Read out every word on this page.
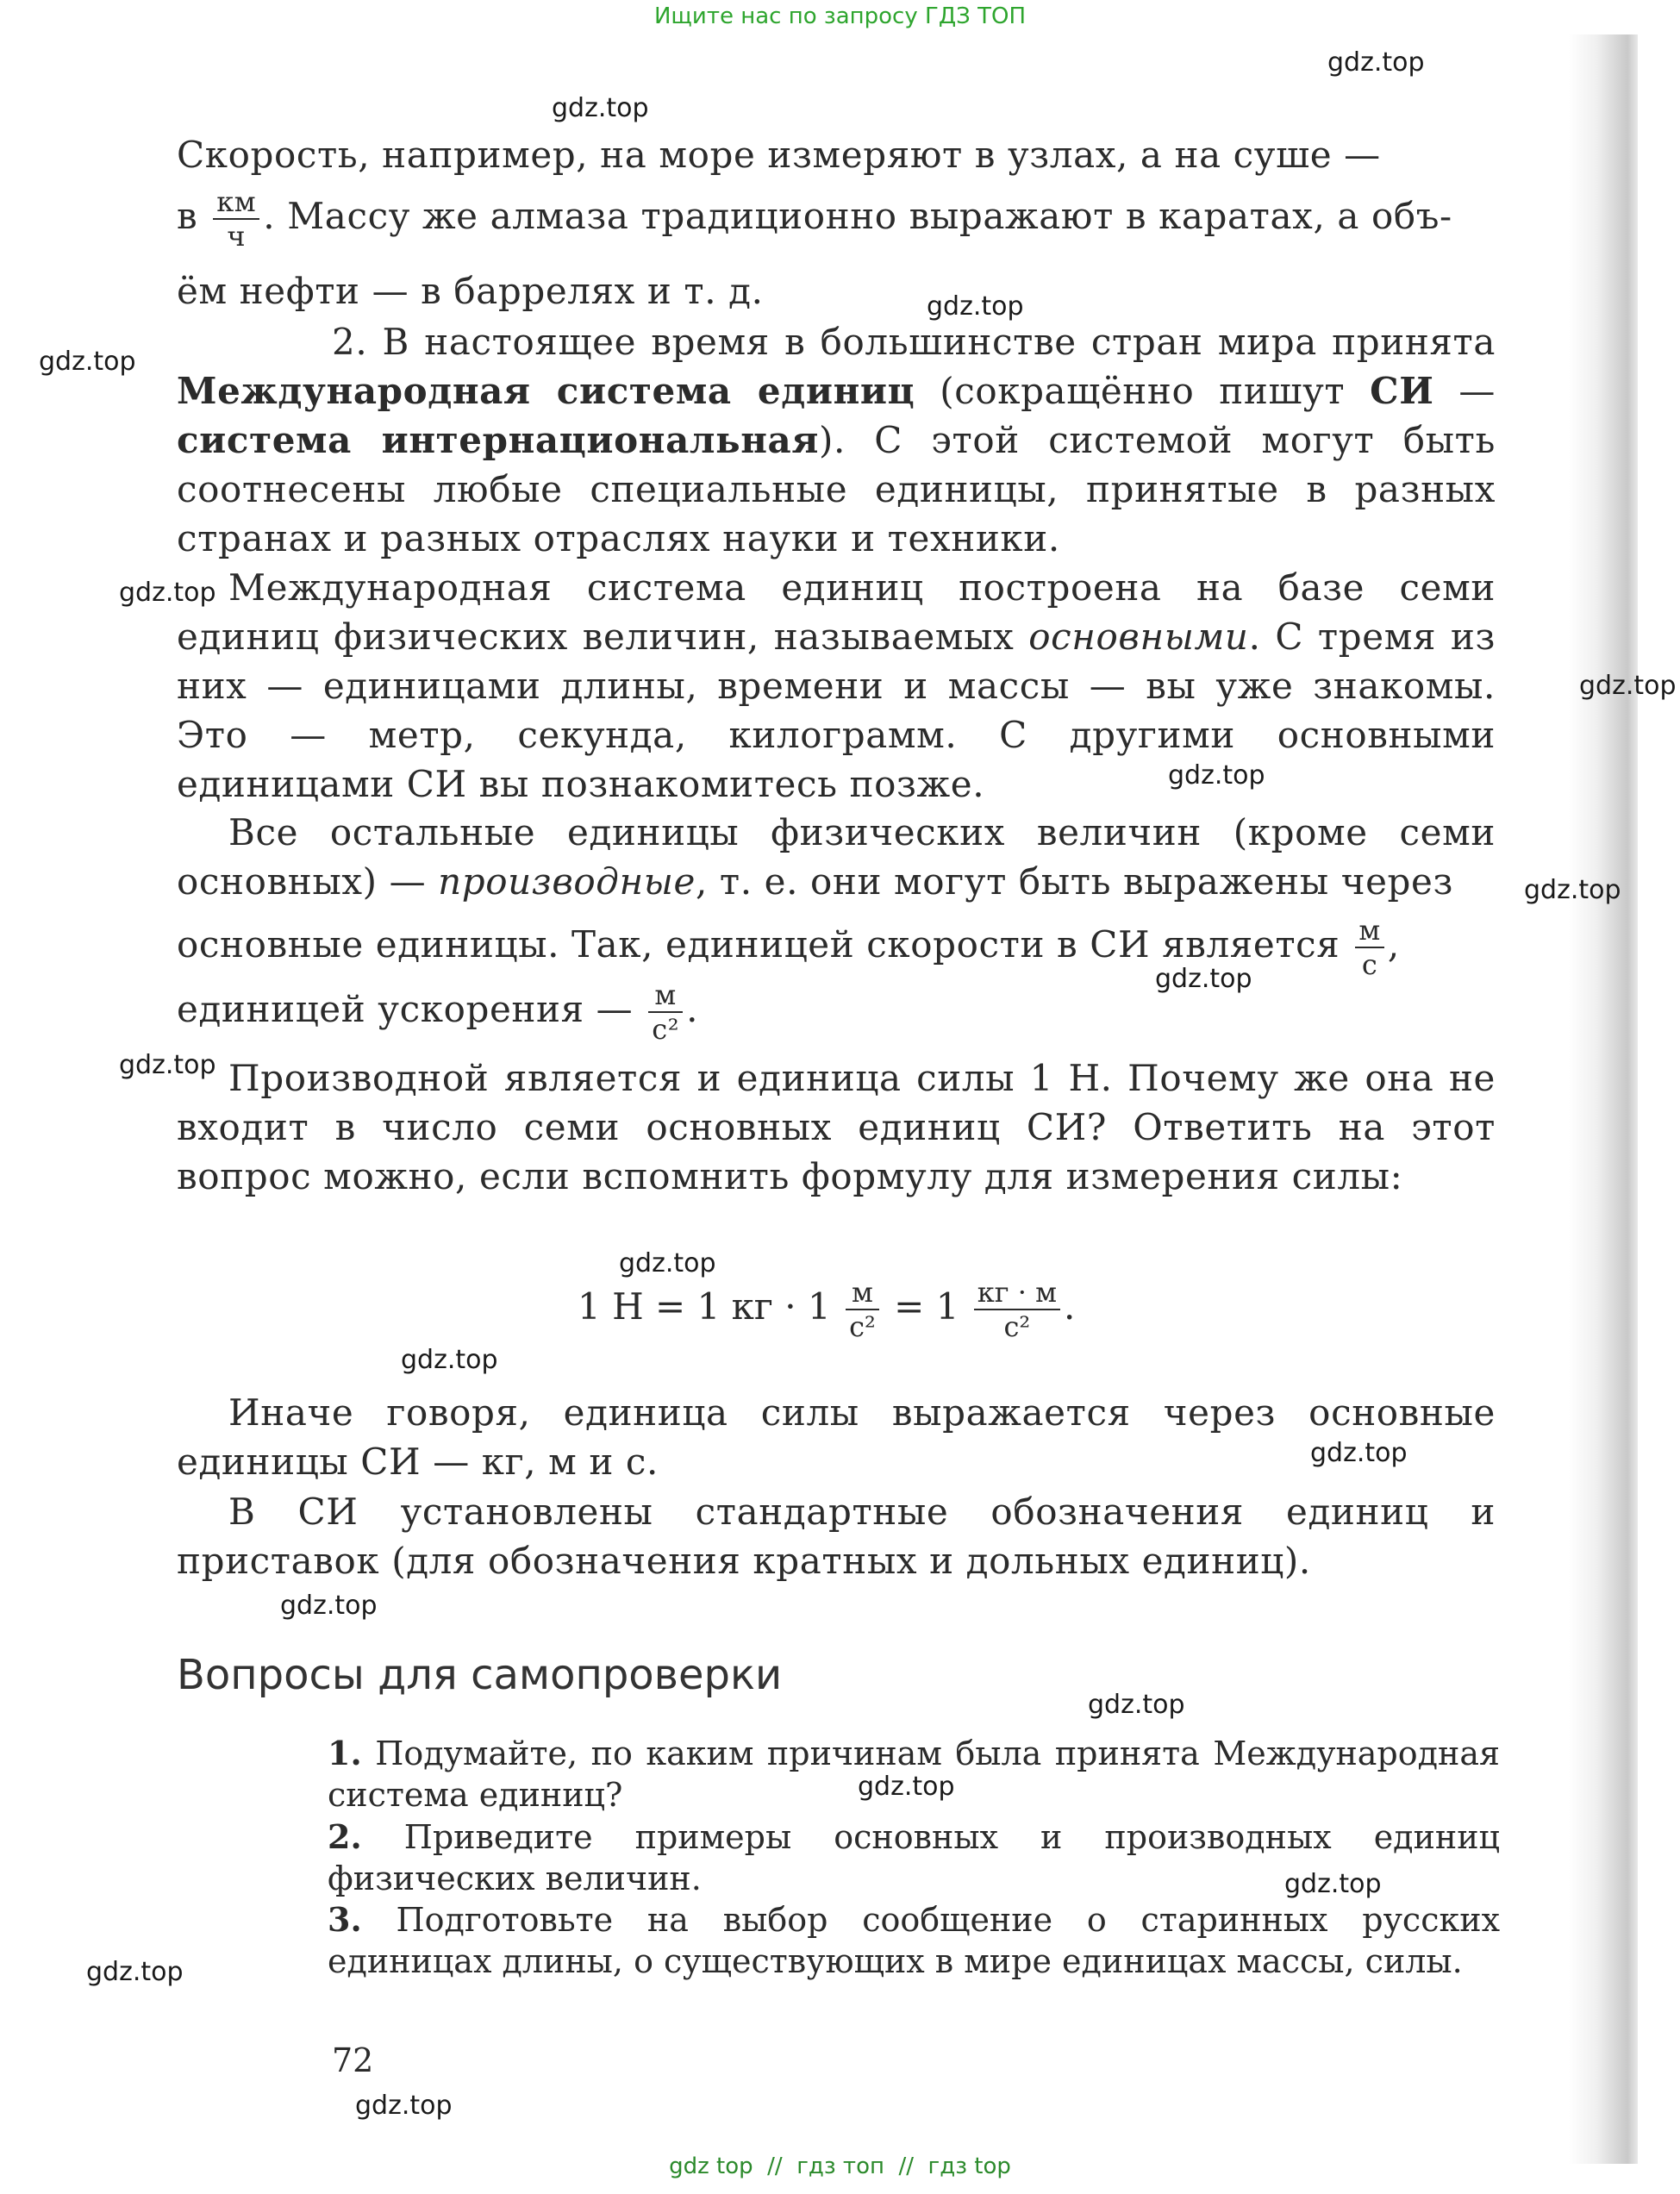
Ищите нас по запросу ГДЗ ТОП
gdz.top
gdz.top
gdz.top
gdz.top
gdz.top
gdz.top
gdz.top
gdz.top
gdz.top
gdz.top
gdz.top
gdz.top
gdz.top
gdz.top
gdz.top
gdz.top
gdz.top
gdz.top
gdz.top
Скорость, например, на море измеряют в узлах, а на суше —
в $\frac{км}{ч}$ . Массу же алмаза традиционно выражают в каратах, а объ-
ём нефти — в баррелях и т. д.

2. В настоящее время в большинстве стран мира принята Международная система единиц (сокращённо пишут СИ — система интернациональная). С этой системой могут быть соотнесены любые специальные единицы, принятые в разных странах и разных отраслях науки и техники.

Международная система единиц построена на базе семи единиц физических величин, называемых основными. С тремя из них — единицами длины, времени и массы — вы уже знакомы. Это — метр, секунда, килограмм. С другими основными единицами СИ вы познакомитесь позже.

Все остальные единицы физических величин (кроме семи основных) — производные, т. е. они могут быть выражены через

основные единицы. Так, единицей скорости в СИ является $\frac{м}{с}$ ,
единицей ускорения — $\frac{м}{\text{с²}}$ .

Производной является и единица силы 1 Н. Почему же она не входит в число семи основных единиц СИ? Ответить на этот вопрос можно, если вспомнить формулу для измерения силы:

1 Н = 1 кг · $1 \frac{м}{\text{с²}} = 1 \frac{кг \cdot м}{\text{с²}}$ .

Иначе говоря, единица силы выражается через основные единицы СИ — кг, м и с.

В СИ установлены стандартные обозначения единиц и приставок (для обозначения кратных и дольных единиц).

Вопросы для самопроверки

1. Подумайте, по каким причинам была принята Международная система единиц?

2. Приведите примеры основных и производных единиц физических величин.

3. Подготовьте на выбор сообщение о старинных русских единицах длины, о существующих в мире единицах массы, силы.

72
gdz top  //  гдз топ  //  гдз top
